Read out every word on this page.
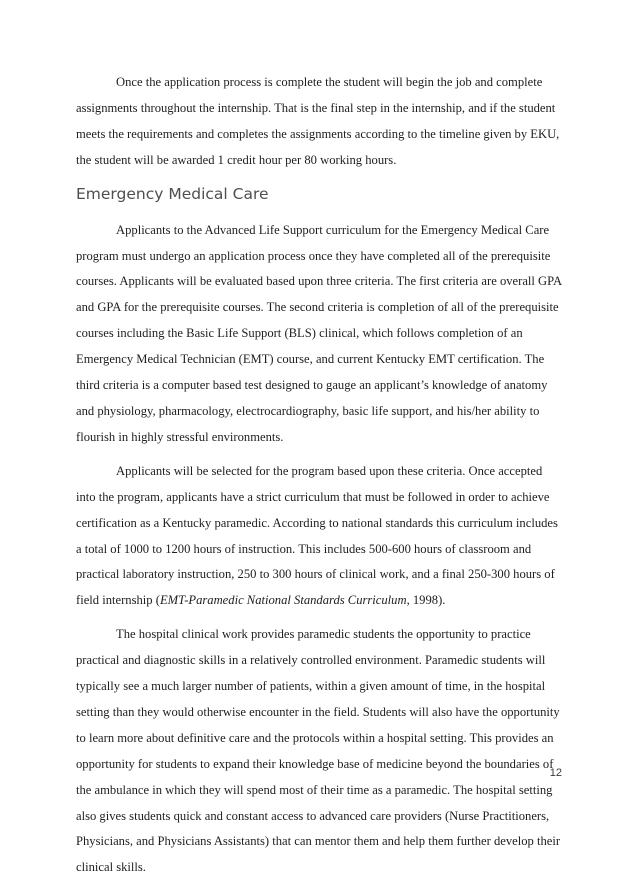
Once the application process is complete the student will begin the job and complete assignments throughout the internship. That is the final step in the internship, and if the student meets the requirements and completes the assignments according to the timeline given by EKU, the student will be awarded 1 credit hour per 80 working hours.

Emergency Medical Care

Applicants to the Advanced Life Support curriculum for the Emergency Medical Care program must undergo an application process once they have completed all of the prerequisite courses. Applicants will be evaluated based upon three criteria. The first criteria are overall GPA and GPA for the prerequisite courses. The second criteria is completion of all of the prerequisite courses including the Basic Life Support (BLS) clinical, which follows completion of an Emergency Medical Technician (EMT) course, and current Kentucky EMT certification. The third criteria is a computer based test designed to gauge an applicant’s knowledge of anatomy and physiology, pharmacology, electrocardiography, basic life support, and his/her ability to flourish in highly stressful environments.

Applicants will be selected for the program based upon these criteria. Once accepted into the program, applicants have a strict curriculum that must be followed in order to achieve certification as a Kentucky paramedic. According to national standards this curriculum includes a total of 1000 to 1200 hours of instruction. This includes 500-600 hours of classroom and practical laboratory instruction, 250 to 300 hours of clinical work, and a final 250-300 hours of field internship (EMT-Paramedic National Standards Curriculum, 1998).

The hospital clinical work provides paramedic students the opportunity to practice practical and diagnostic skills in a relatively controlled environment. Paramedic students will typically see a much larger number of patients, within a given amount of time, in the hospital setting than they would otherwise encounter in the field. Students will also have the opportunity to learn more about definitive care and the protocols within a hospital setting. This provides an opportunity for students to expand their knowledge base of medicine beyond the boundaries of the ambulance in which they will spend most of their time as a paramedic. The hospital setting also gives students quick and constant access to advanced care providers (Nurse Practitioners, Physicians, and Physicians Assistants) that can mentor them and help them further develop their clinical skills.

12
